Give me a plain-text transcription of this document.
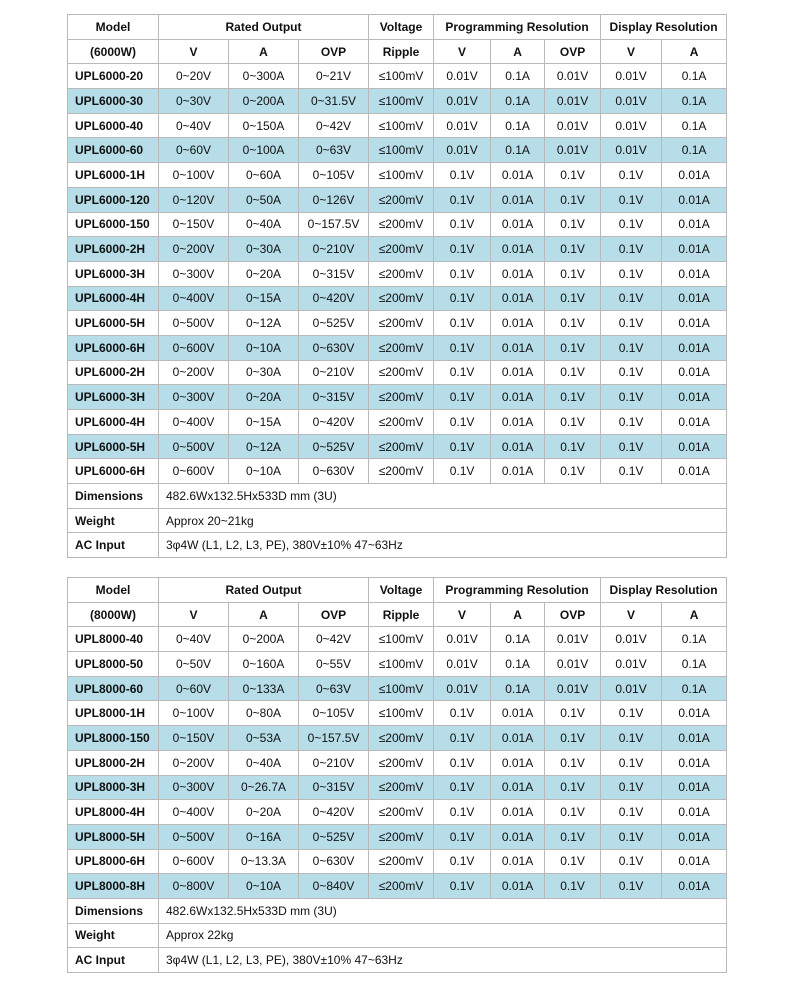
Model	Rated Output			Voltage	Programming Resolution			Display Resolution	
(6000W)	V	A	OVP	Ripple	V	A	OVP	V	A
UPL6000-20	0~20V	0~300A	0~21V	≤100mV	0.01V	0.1A	0.01V	0.01V	0.1A
UPL6000-30	0~30V	0~200A	0~31.5V	≤100mV	0.01V	0.1A	0.01V	0.01V	0.1A
UPL6000-40	0~40V	0~150A	0~42V	≤100mV	0.01V	0.1A	0.01V	0.01V	0.1A
UPL6000-60	0~60V	0~100A	0~63V	≤100mV	0.01V	0.1A	0.01V	0.01V	0.1A
UPL6000-1H	0~100V	0~60A	0~105V	≤100mV	0.1V	0.01A	0.1V	0.1V	0.01A
UPL6000-120	0~120V	0~50A	0~126V	≤200mV	0.1V	0.01A	0.1V	0.1V	0.01A
UPL6000-150	0~150V	0~40A	0~157.5V	≤200mV	0.1V	0.01A	0.1V	0.1V	0.01A
UPL6000-2H	0~200V	0~30A	0~210V	≤200mV	0.1V	0.01A	0.1V	0.1V	0.01A
UPL6000-3H	0~300V	0~20A	0~315V	≤200mV	0.1V	0.01A	0.1V	0.1V	0.01A
UPL6000-4H	0~400V	0~15A	0~420V	≤200mV	0.1V	0.01A	0.1V	0.1V	0.01A
UPL6000-5H	0~500V	0~12A	0~525V	≤200mV	0.1V	0.01A	0.1V	0.1V	0.01A
UPL6000-6H	0~600V	0~10A	0~630V	≤200mV	0.1V	0.01A	0.1V	0.1V	0.01A
UPL6000-2H	0~200V	0~30A	0~210V	≤200mV	0.1V	0.01A	0.1V	0.1V	0.01A
UPL6000-3H	0~300V	0~20A	0~315V	≤200mV	0.1V	0.01A	0.1V	0.1V	0.01A
UPL6000-4H	0~400V	0~15A	0~420V	≤200mV	0.1V	0.01A	0.1V	0.1V	0.01A
UPL6000-5H	0~500V	0~12A	0~525V	≤200mV	0.1V	0.01A	0.1V	0.1V	0.01A
UPL6000-6H	0~600V	0~10A	0~630V	≤200mV	0.1V	0.01A	0.1V	0.1V	0.01A
Dimensions	482.6Wx132.5Hx533D mm (3U)								
Weight	Approx 20~21kg								
AC Input	3φ4W (L1, L2, L3, PE), 380V±10% 47~63Hz								
Model	Rated Output			Voltage	Programming Resolution			Display Resolution	
(8000W)	V	A	OVP	Ripple	V	A	OVP	V	A
UPL8000-40	0~40V	0~200A	0~42V	≤100mV	0.01V	0.1A	0.01V	0.01V	0.1A
UPL8000-50	0~50V	0~160A	0~55V	≤100mV	0.01V	0.1A	0.01V	0.01V	0.1A
UPL8000-60	0~60V	0~133A	0~63V	≤100mV	0.01V	0.1A	0.01V	0.01V	0.1A
UPL8000-1H	0~100V	0~80A	0~105V	≤100mV	0.1V	0.01A	0.1V	0.1V	0.01A
UPL8000-150	0~150V	0~53A	0~157.5V	≤200mV	0.1V	0.01A	0.1V	0.1V	0.01A
UPL8000-2H	0~200V	0~40A	0~210V	≤200mV	0.1V	0.01A	0.1V	0.1V	0.01A
UPL8000-3H	0~300V	0~26.7A	0~315V	≤200mV	0.1V	0.01A	0.1V	0.1V	0.01A
UPL8000-4H	0~400V	0~20A	0~420V	≤200mV	0.1V	0.01A	0.1V	0.1V	0.01A
UPL8000-5H	0~500V	0~16A	0~525V	≤200mV	0.1V	0.01A	0.1V	0.1V	0.01A
UPL8000-6H	0~600V	0~13.3A	0~630V	≤200mV	0.1V	0.01A	0.1V	0.1V	0.01A
UPL8000-8H	0~800V	0~10A	0~840V	≤200mV	0.1V	0.01A	0.1V	0.1V	0.01A
Dimensions	482.6Wx132.5Hx533D mm (3U)								
Weight	Approx 22kg								
AC Input	3φ4W (L1, L2, L3, PE), 380V±10% 47~63Hz								
